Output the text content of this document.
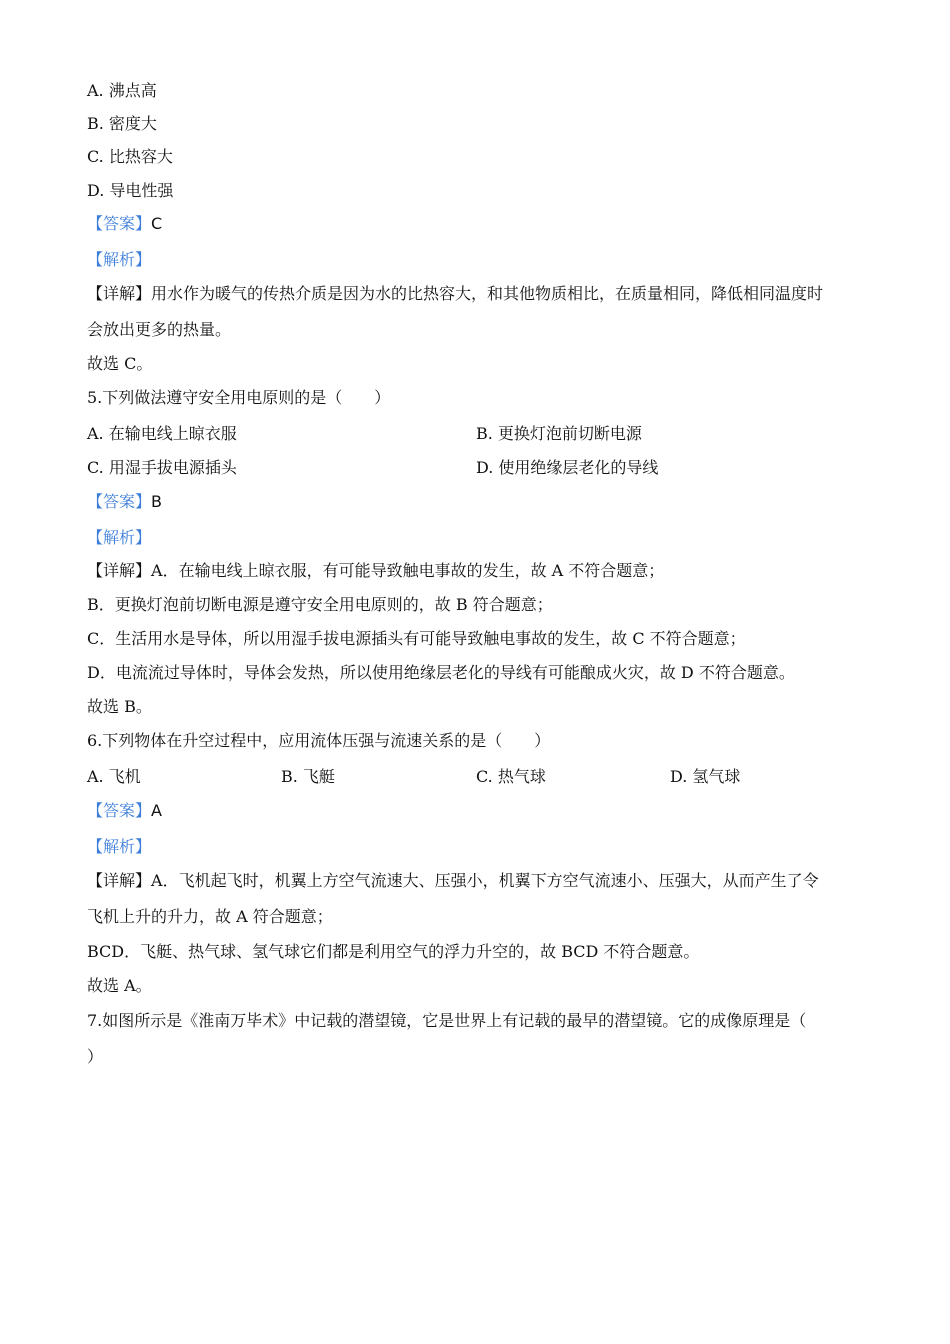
A. 沸点高
B. 密度大
C. 比热容大
D. 导电性强
【答案】C
【解析】
【详解】用水作为暖气的传热介质是因为水的比热容大，和其他物质相比，在质量相同，降低相同温度时
会放出更多的热量。
故选 C。
5.下列做法遵守安全用电原则的是（　　）
A. 在输电线上晾衣服	B. 更换灯泡前切断电源
C. 用湿手拔电源插头	D. 使用绝缘层老化的导线
【答案】B
【解析】
【详解】A．在输电线上晾衣服，有可能导致触电事故的发生，故 A 不符合题意；
B．更换灯泡前切断电源是遵守安全用电原则的，故 B 符合题意；
C．生活用水是导体，所以用湿手拔电源插头有可能导致触电事故的发生，故 C 不符合题意；
D．电流流过导体时，导体会发热，所以使用绝缘层老化的导线有可能酿成火灾，故 D 不符合题意。
故选 B。
6.下列物体在升空过程中，应用流体压强与流速关系的是（　　）
A. 飞机	B. 飞艇	C. 热气球	D. 氢气球
【答案】A
【解析】
【详解】A．飞机起飞时，机翼上方空气流速大、压强小，机翼下方空气流速小、压强大，从而产生了令
飞机上升的升力，故 A 符合题意；
BCD．飞艇、热气球、氢气球它们都是利用空气的浮力升空的，故 BCD 不符合题意。
故选 A。
7.如图所示是《淮南万毕术》中记载的潜望镜，它是世界上有记载的最早的潜望镜。它的成像原理是（
）
